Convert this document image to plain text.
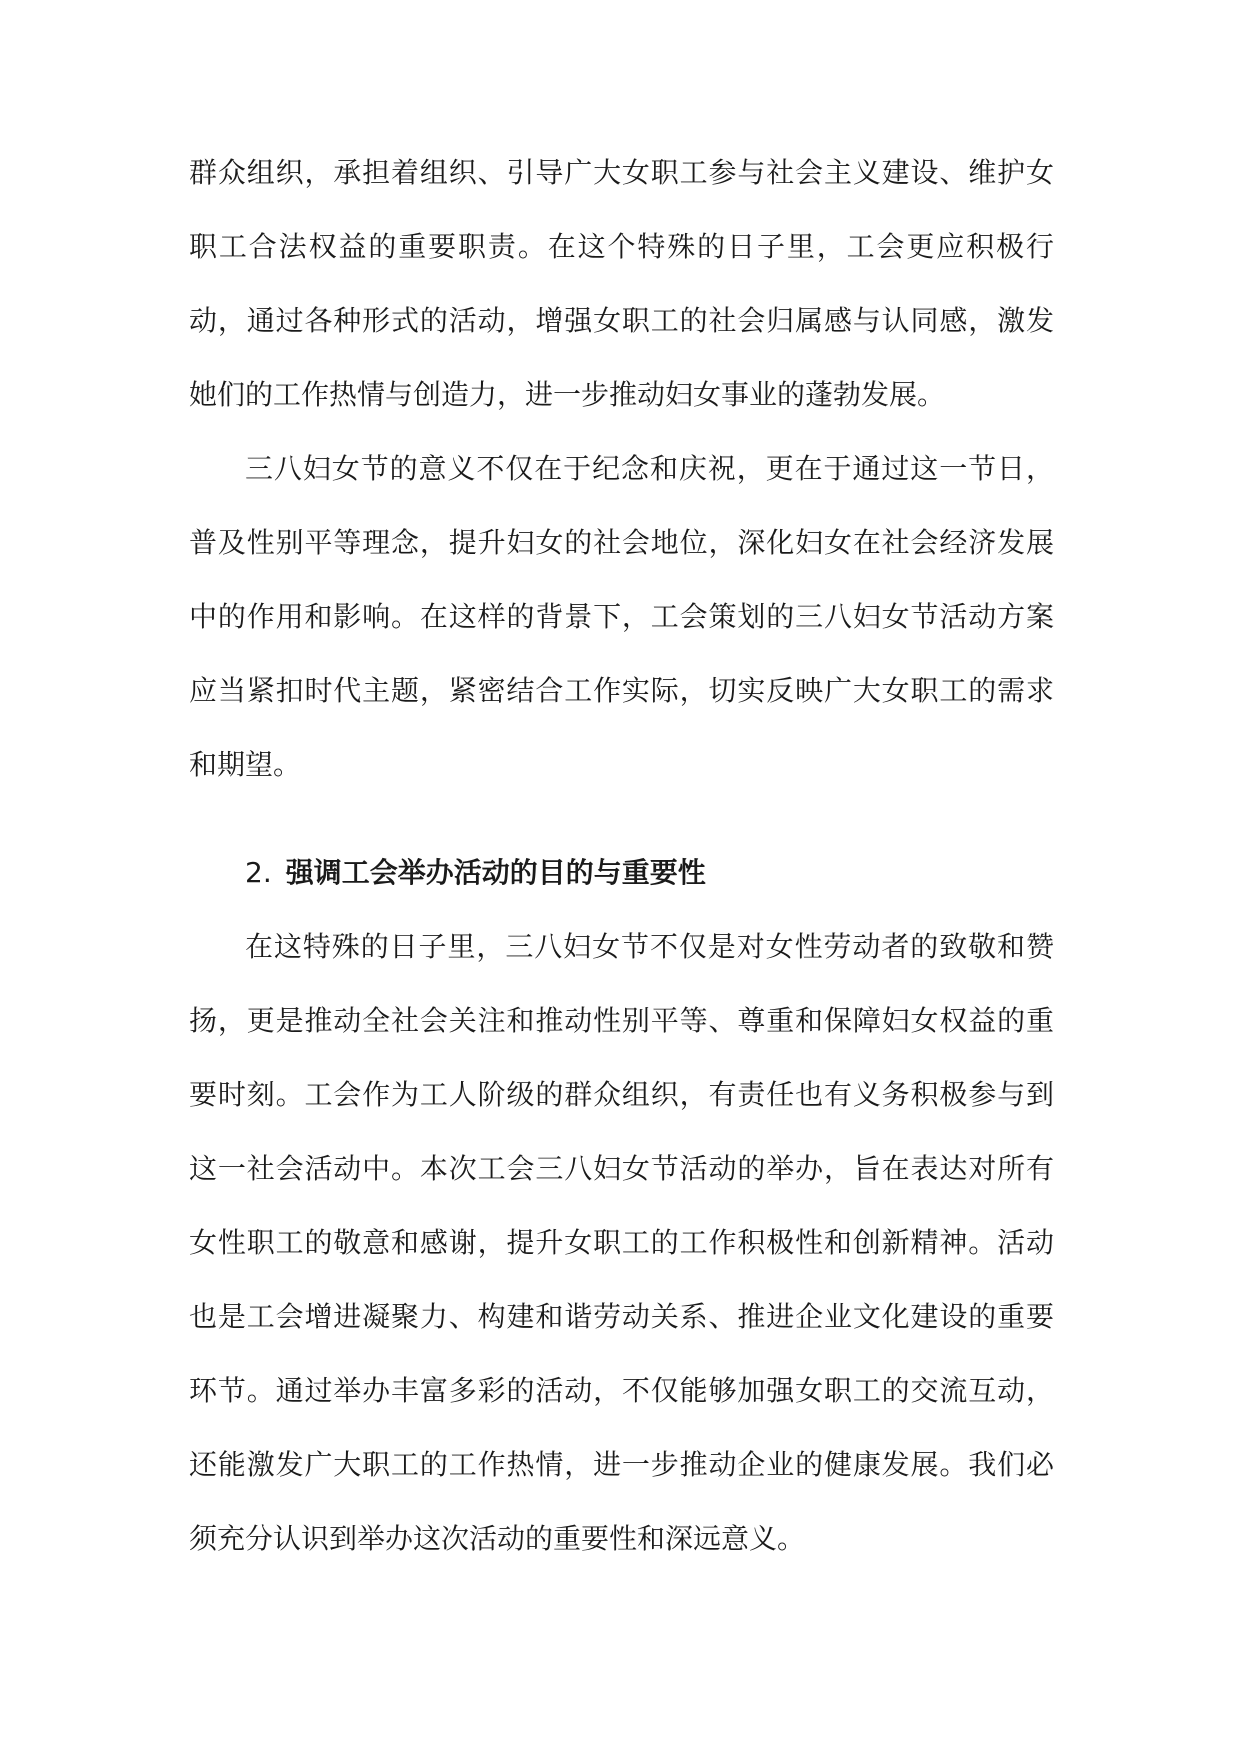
群众组织，承担着组织、引导广大女职工参与社会主义建设、维护女职工合法权益的重要职责。在这个特殊的日子里，工会更应积极行动，通过各种形式的活动，增强女职工的社会归属感与认同感，激发她们的工作热情与创造力，进一步推动妇女事业的蓬勃发展。

三八妇女节的意义不仅在于纪念和庆祝，更在于通过这一节日，普及性别平等理念，提升妇女的社会地位，深化妇女在社会经济发展中的作用和影响。在这样的背景下，工会策划的三八妇女节活动方案应当紧扣时代主题，紧密结合工作实际，切实反映广大女职工的需求和期望。

2. 强调工会举办活动的目的与重要性

在这特殊的日子里，三八妇女节不仅是对女性劳动者的致敬和赞扬，更是推动全社会关注和推动性别平等、尊重和保障妇女权益的重要时刻。工会作为工人阶级的群众组织，有责任也有义务积极参与到这一社会活动中。本次工会三八妇女节活动的举办，旨在表达对所有女性职工的敬意和感谢，提升女职工的工作积极性和创新精神。活动也是工会增进凝聚力、构建和谐劳动关系、推进企业文化建设的重要环节。通过举办丰富多彩的活动，不仅能够加强女职工的交流互动，还能激发广大职工的工作热情，进一步推动企业的健康发展。我们必须充分认识到举办这次活动的重要性和深远意义。
